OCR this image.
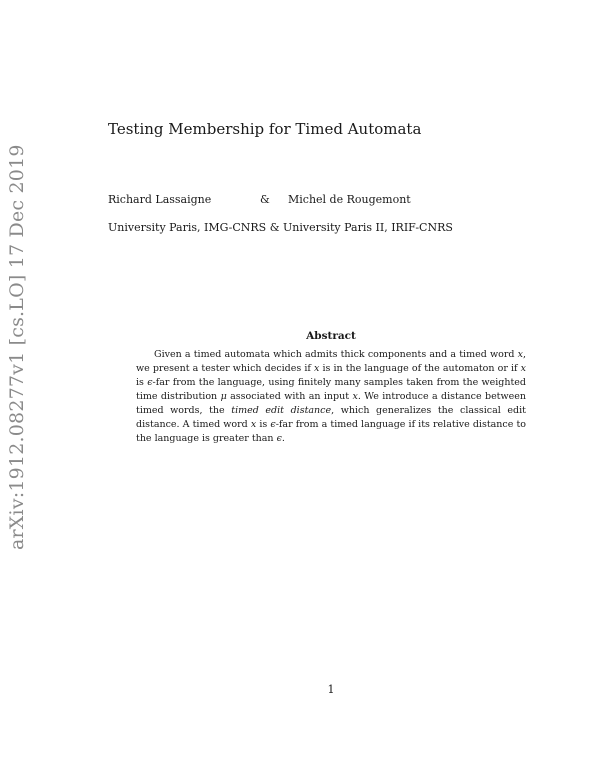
arXiv:1912.08277v1 [cs.LO] 17 Dec 2019
Testing Membership for Timed Automata
Richard Lassaigne	& Michel de Rougemont
University Paris, IMG-CNRS & University Paris II, IRIF-CNRS
Abstract
Given a timed automata which admits thick components and a timed word x, we present a tester which decides if x is in the language of the automaton or if x is ϵ-far from the language, using finitely many samples taken from the weighted time distribution μ associated with an input x. We introduce a distance between timed words, the timed edit distance, which generalizes the classical edit distance. A timed word x is ϵ-far from a timed language if its relative distance to the language is greater than ϵ.
1
